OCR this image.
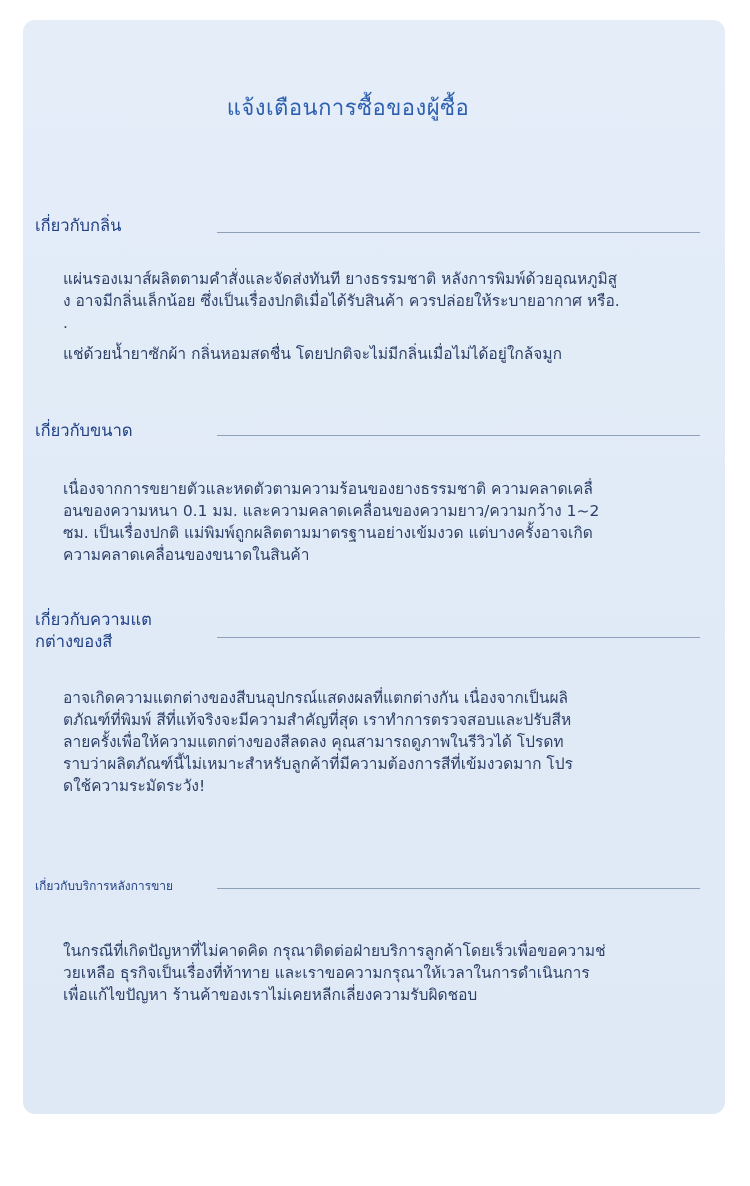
แจ้งเตือนการซื้อของผู้ซื้อ
เกี่ยวกับกลิ่น
แผ่นรองเมาส์ผลิตตามคำสั่งและจัดส่งทันที ยางธรรมชาติ หลังการพิมพ์ด้วยอุณหภูมิสู
ง อาจมีกลิ่นเล็กน้อย ซึ่งเป็นเรื่องปกติเมื่อได้รับสินค้า ควรปล่อยให้ระบายอากาศ หรือ.
.
แช่ด้วยน้ำยาซักผ้า กลิ่นหอมสดชื่น โดยปกติจะไม่มีกลิ่นเมื่อไม่ได้อยู่ใกล้จมูก
เกี่ยวกับขนาด
เนื่องจากการขยายตัวและหดตัวตามความร้อนของยางธรรมชาติ ความคลาดเคลื่
อนของความหนา 0.1 มม. และความคลาดเคลื่อนของความยาว/ความกว้าง 1~2
ซม. เป็นเรื่องปกติ แม่พิมพ์ถูกผลิตตามมาตรฐานอย่างเข้มงวด แต่บางครั้งอาจเกิด
ความคลาดเคลื่อนของขนาดในสินค้า
เกี่ยวกับความแต
กต่างของสี
อาจเกิดความแตกต่างของสีบนอุปกรณ์แสดงผลที่แตกต่างกัน เนื่องจากเป็นผลิ
ตภัณฑ์ที่พิมพ์ สีที่แท้จริงจะมีความสำคัญที่สุด เราทำการตรวจสอบและปรับสีห
ลายครั้งเพื่อให้ความแตกต่างของสีลดลง คุณสามารถดูภาพในรีวิวได้ โปรดท
ราบว่าผลิตภัณฑ์นี้ไม่เหมาะสำหรับลูกค้าที่มีความต้องการสีที่เข้มงวดมาก โปร
ดใช้ความระมัดระวัง!
เกี่ยวกับบริการหลังการขาย
ในกรณีที่เกิดปัญหาที่ไม่คาดคิด กรุณาติดต่อฝ่ายบริการลูกค้าโดยเร็วเพื่อขอความช่
วยเหลือ ธุรกิจเป็นเรื่องที่ท้าทาย และเราขอความกรุณาให้เวลาในการดำเนินการ
เพื่อแก้ไขปัญหา ร้านค้าของเราไม่เคยหลีกเลี่ยงความรับผิดชอบ
